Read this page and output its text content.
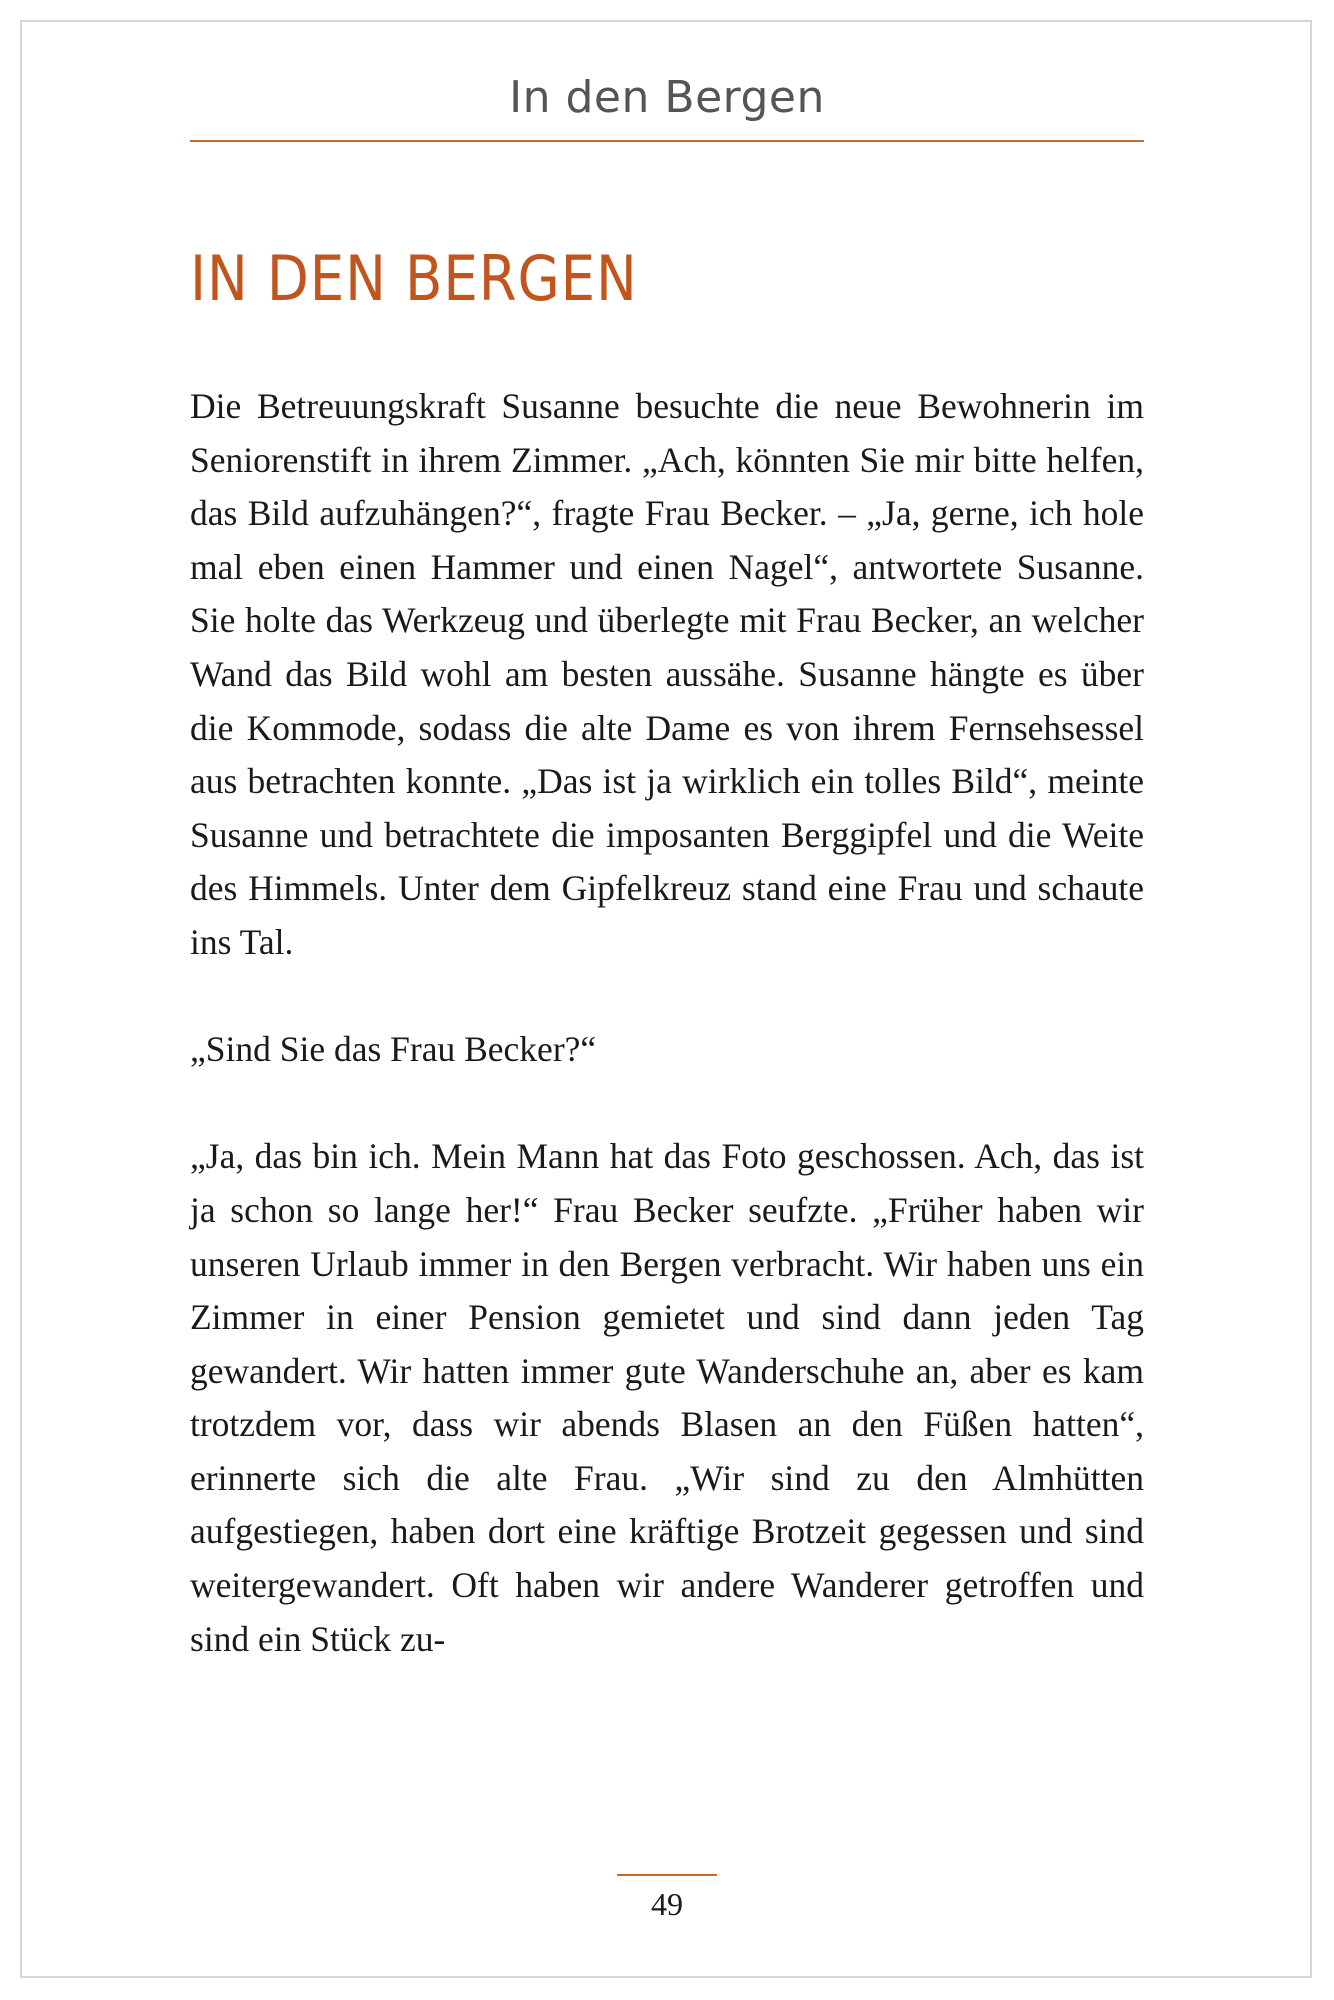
In den Bergen
IN DEN BERGEN

Die Betreuungskraft Susanne besuchte die neue Bewohnerin im Seniorenstift in ihrem Zimmer. „Ach, könnten Sie mir bitte helfen, das Bild aufzuhängen?“, fragte Frau Becker. – „Ja, gerne, ich hole mal eben einen Hammer und einen Nagel“, antwortete Susanne. Sie holte das Werkzeug und überlegte mit Frau Becker, an welcher Wand das Bild wohl am besten aussähe. Susanne hängte es über die Kommode, sodass die alte Dame es von ihrem Fernsehsessel aus betrachten konnte. „Das ist ja wirklich ein tolles Bild“, meinte Susanne und betrachtete die imposanten Berggipfel und die Weite des Himmels. Unter dem Gipfelkreuz stand eine Frau und schaute ins Tal.

„Sind Sie das Frau Becker?“

„Ja, das bin ich. Mein Mann hat das Foto geschossen. Ach, das ist ja schon so lange her!“ Frau Becker seufzte. „Früher haben wir unseren Urlaub immer in den Bergen verbracht. Wir haben uns ein Zimmer in einer Pension gemietet und sind dann jeden Tag gewandert. Wir hatten immer gute Wanderschuhe an, aber es kam trotzdem vor, dass wir abends Blasen an den Füßen hatten“, erinnerte sich die alte Frau. „Wir sind zu den Almhütten aufgestiegen, haben dort eine kräftige Brotzeit gegessen und sind weitergewandert. Oft haben wir andere Wanderer getroffen und sind ein Stück zu-

49
